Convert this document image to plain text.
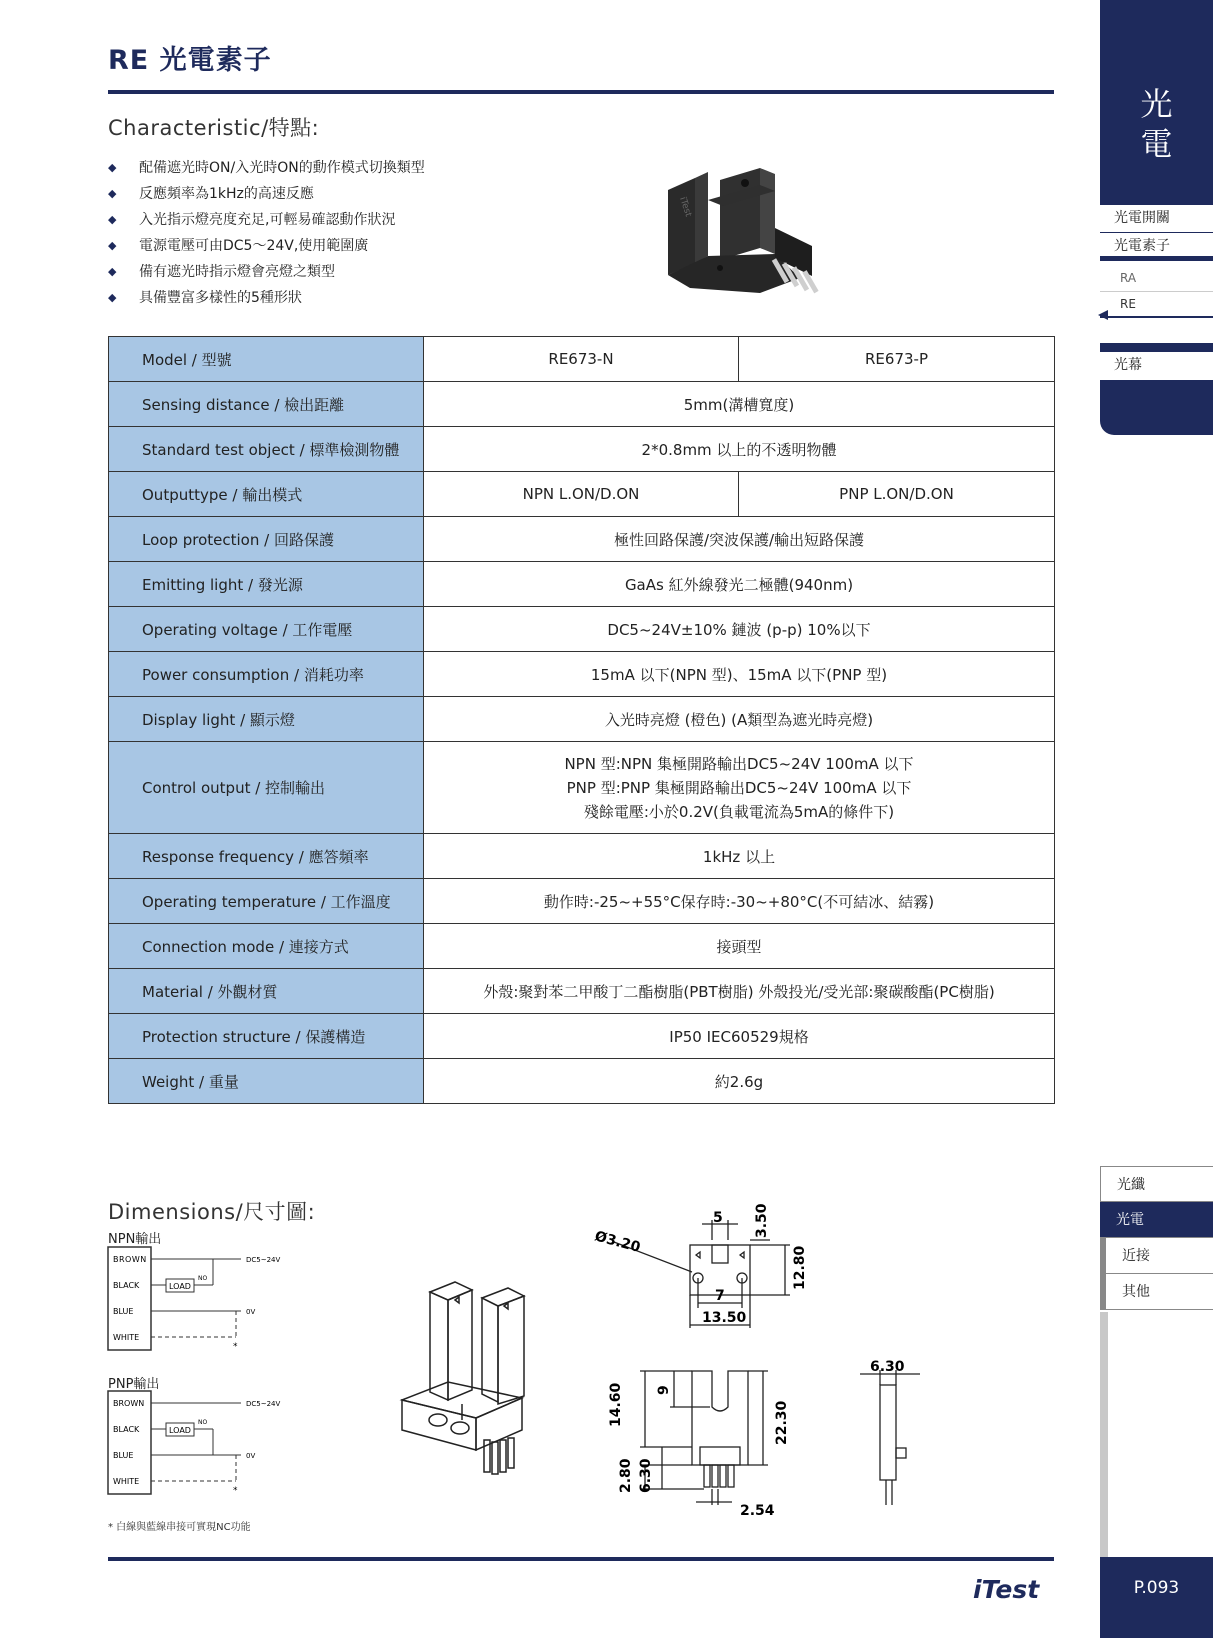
RE 光電素子
Characteristic/特點:
◆	配備遮光時ON/入光時ON的動作模式切換類型
◆	反應頻率為1kHz的高速反應
◆	入光指示燈亮度充足,可輕易確認動作狀況
◆	電源電壓可由DC5～24V,使用範圍廣
◆	備有遮光時指示燈會亮燈之類型
◆	具備豐富多樣性的5種形狀
iTest
Model / 型號	RE673-N	RE673-P
Sensing distance / 檢出距離	5mm(溝槽寬度)	
Standard test object / 標準檢測物體	2*0.8mm 以上的不透明物體	
Outputtype / 輸出模式	NPN L.ON/D.ON	PNP L.ON/D.ON
Loop protection / 回路保護	極性回路保護/突波保護/輸出短路保護	
Emitting light / 發光源	GaAs 紅外線發光二極體(940nm)	
Operating voltage / 工作電壓	DC5~24V±10% 鏈波 (p-p) 10%以下	
Power consumption / 消耗功率	15mA 以下(NPN 型)、15mA 以下(PNP 型)	
Display light / 顯示燈	入光時亮燈 (橙色) (A類型為遮光時亮燈)	
Control output / 控制輸出	NPN 型:NPN 集極開路輸出DC5~24V 100mA 以下
PNP 型:PNP 集極開路輸出DC5~24V 100mA 以下
殘餘電壓:小於0.2V(負載電流為5mA的條件下)	

Response frequency / 應答頻率	1kHz 以上	
Operating temperature / 工作溫度	動作時:-25~+55°C保存時:-30~+80°C(不可結冰、結霧)	
Connection mode / 連接方式	接頭型	
Material / 外觀材質	外殼:聚對苯二甲酸丁二酯樹脂(PBT樹脂) 外殼投光/受光部:聚碳酸酯(PC樹脂)	
Protection structure / 保護構造	IP50 IEC60529規格	
Weight / 重量	約2.6g	
Dimensions/尺寸圖:
NPN輸出
BROWN
BLACK
BLUE
WHITE
LOAD
NO
DC5~24V
0V
*
PNP輸出
BROWN
BLACK
BLUE
WHITE
LOAD
NO
DC5~24V
0V
*
* 白線與藍線串接可實現NC功能
5 3.50
Ø3.20
12.80
7
13.50
14.60 9
22.30
2.80 6.30
2.54
6.30
iTest
光
電
光電開關
光電素子
RA
RE
光幕
光纖
光電
近接
其他
P.093
